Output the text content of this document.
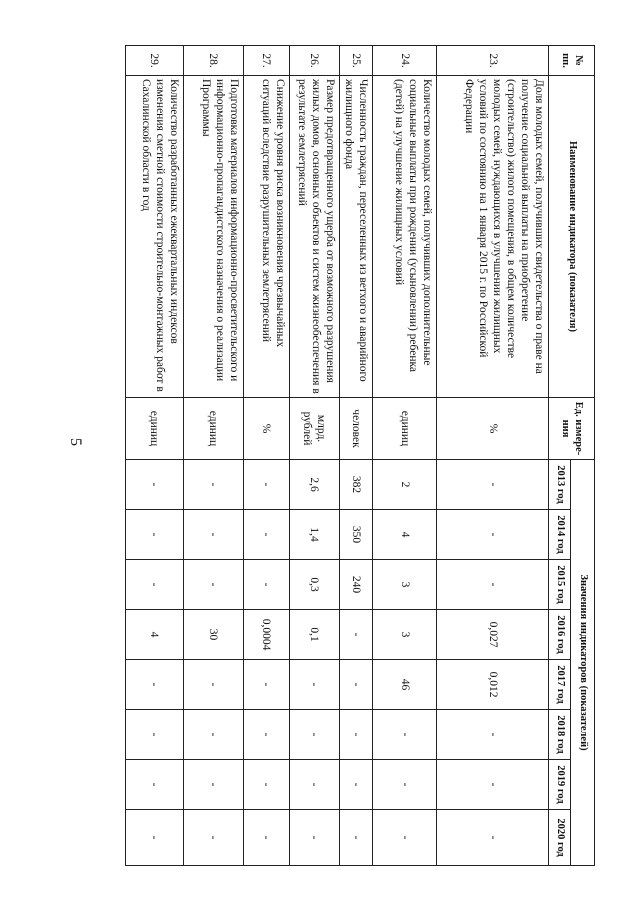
5
№ пп.	Наименование индикатора (показателя)	Ед. измере-ния	Значения индикаторов (показателей)							
			2013 год	2014 год	2015 год	2016 год	2017 год	2018 год	2019 год	2020 год
23.	Доля молодых семей, получивших свидетельства о праве на получение социальной выплаты на приобретение (строительство) жилого помещения, в общем количестве молодых семей, нуждающихся в улучшении жилищных условий по состоянию на 1 января 2015 г. по Российской Федерации	%	-	-	-	0,027	0,012	-	-	-
24.	Количество молодых семей, получивших дополнительные социальные выплаты при рождении (усыновлении) ребенка (детей) на улучшение жилищных условий	единиц	2	4	3	3	46	-	-	-
25.	Численность граждан, переселенных из ветхого и аварийного жилищного фонда	человек	382	350	240	-	-	-	-	-
26.	Размер предотвращенного ущерба от возможного разрушения жилых домов, основных объектов и систем жизнеобеспечения в результате землетрясений	млрд. рублей	2,6	1,4	0,3	0,1	-	-	-	-
27.	Снижение уровня риска возникновения чрезвычайных ситуаций вследствие разрушительных землетрясений	%	-	-	-	0,0004	-	-	-	-
28.	Подготовка материалов информационно-просветительского и информационно-пропагандистского назначения о реализации Программы	единиц	-	-	-	30	-	-	-	-
29.	Количество разработанных ежеквартальных индексов изменения сметной стоимости строительно-монтажных работ в Сахалинской области в год	единиц	-	-	-	4	-	-	-	-
